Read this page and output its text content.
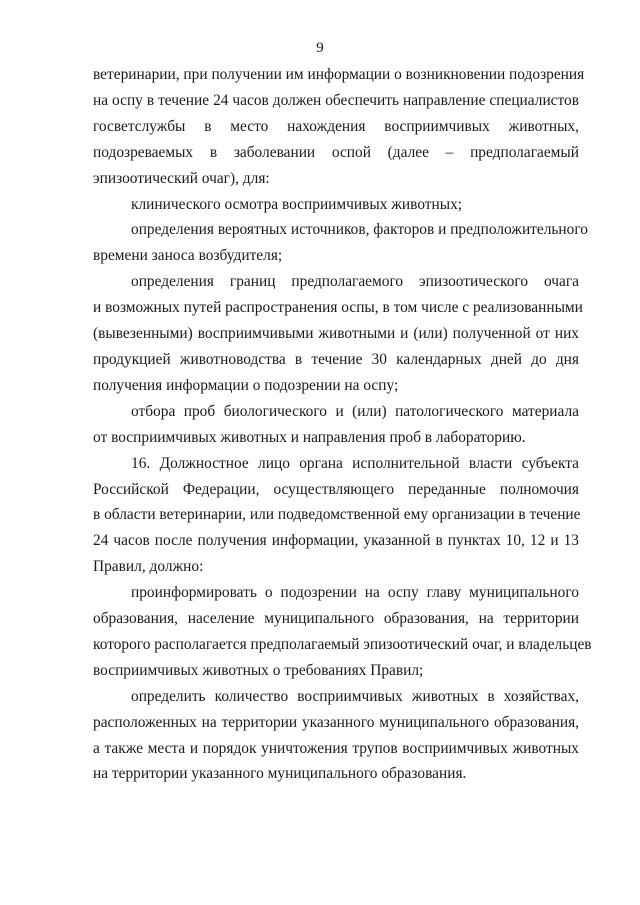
9
ветеринарии, при получении им информации о возникновении подозрения
на оспу в течение 24 часов должен обеспечить направление специалистов
госветслужбы в место нахождения восприимчивых животных,
подозреваемых в заболевании оспой (далее – предполагаемый
эпизоотический очаг), для:
клинического осмотра восприимчивых животных;
определения вероятных источников, факторов и предположительного
времени заноса возбудителя;
определения границ предполагаемого эпизоотического очага
и возможных путей распространения оспы, в том числе с реализованными
(вывезенными) восприимчивыми животными и (или) полученной от них
продукцией животноводства в течение 30 календарных дней до дня
получения информации о подозрении на оспу;
отбора проб биологического и (или) патологического материала
от восприимчивых животных и направления проб в лабораторию.
16. Должностное лицо органа исполнительной власти субъекта
Российской Федерации, осуществляющего переданные полномочия
в области ветеринарии, или подведомственной ему организации в течение
24 часов после получения информации, указанной в пунктах 10, 12 и 13
Правил, должно:
проинформировать о подозрении на оспу главу муниципального
образования, население муниципального образования, на территории
которого располагается предполагаемый эпизоотический очаг, и владельцев
восприимчивых животных о требованиях Правил;
определить количество восприимчивых животных в хозяйствах,
расположенных на территории указанного муниципального образования,
а также места и порядок уничтожения трупов восприимчивых животных
на территории указанного муниципального образования.
